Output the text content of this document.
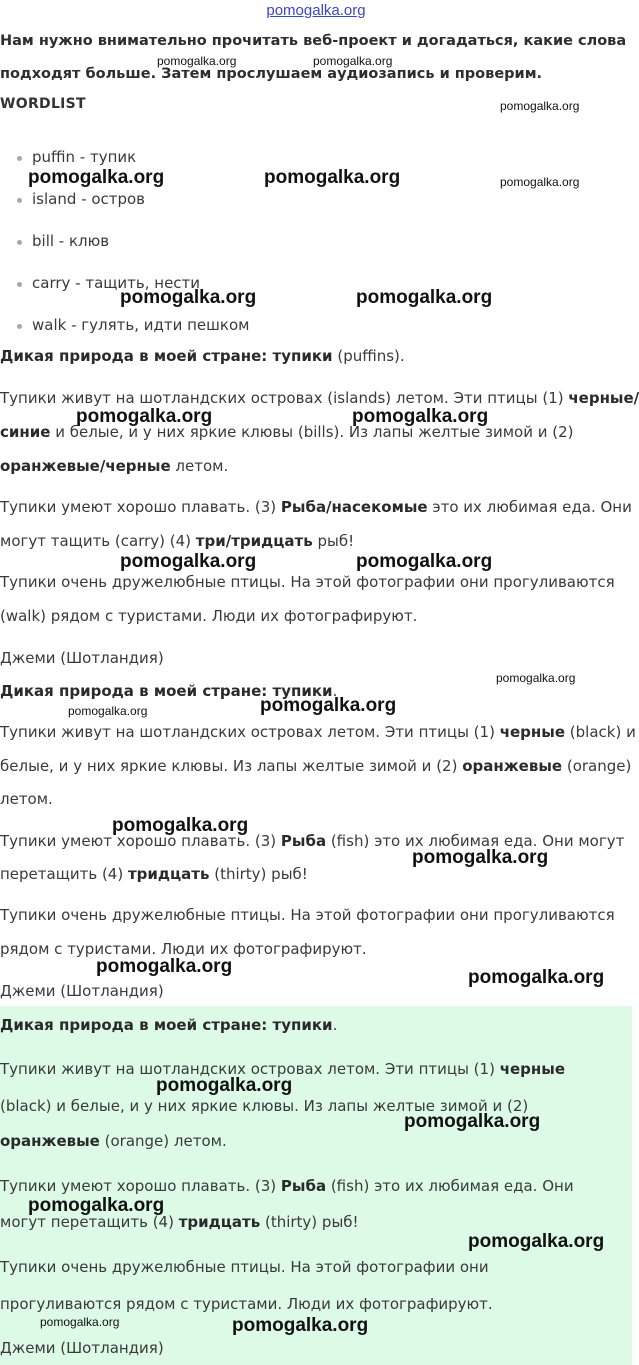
pomogalka.org
Нам нужно внимательно прочитать веб-проект и догадаться, какие слова
подходят больше. Затем прослушаем аудиозапись и проверим.
WORDLIST
puffin - тупик
island - остров
bill - клюв
carry - тащить, нести
walk - гулять, идти пешком
Дикая природа в моей стране: тупики (puffins).
Тупики живут на шотландских островах (islands) летом. Эти птицы (1) черные/
синие и белые, и у них яркие клювы (bills). Из лапы желтые зимой и (2)
оранжевые/черные летом.
Тупики умеют хорошо плавать. (3) Рыба/насекомые это их любимая еда. Они
могут тащить (carry) (4) три/тридцать рыб!
Тупики очень дружелюбные птицы. На этой фотографии они прогуливаются
(walk) рядом с туристами. Люди их фотографируют.
Джеми (Шотландия)
Дикая природа в моей стране: тупики.
Тупики живут на шотландских островах летом. Эти птицы (1) черные (black) и
белые, и у них яркие клювы. Из лапы желтые зимой и (2) оранжевые (orange)
летом.
Тупики умеют хорошо плавать. (3) Рыба (fish) это их любимая еда. Они могут
перетащить (4) тридцать (thirty) рыб!
Тупики очень дружелюбные птицы. На этой фотографии они прогуливаются
рядом с туристами. Люди их фотографируют.
Джеми (Шотландия)
Дикая природа в моей стране: тупики.
Тупики живут на шотландских островах летом. Эти птицы (1) черные
(black) и белые, и у них яркие клювы. Из лапы желтые зимой и (2)
оранжевые (orange) летом.
Тупики умеют хорошо плавать. (3) Рыба (fish) это их любимая еда. Они
могут перетащить (4) тридцать (thirty) рыб!
Тупики очень дружелюбные птицы. На этой фотографии они
прогуливаются рядом с туристами. Люди их фотографируют.
Джеми (Шотландия)
pomogalka.org	pomogalka.org
pomogalka.org
pomogalka.org	pomogalka.org	pomogalka.org
pomogalka.org	pomogalka.org
pomogalka.org	pomogalka.org
pomogalka.org	pomogalka.org
pomogalka.org
pomogalka.org
pomogalka.org
pomogalka.org
pomogalka.org
pomogalka.org
pomogalka.org
pomogalka.org
pomogalka.org
pomogalka.org
pomogalka.org
pomogalka.org	pomogalka.org
